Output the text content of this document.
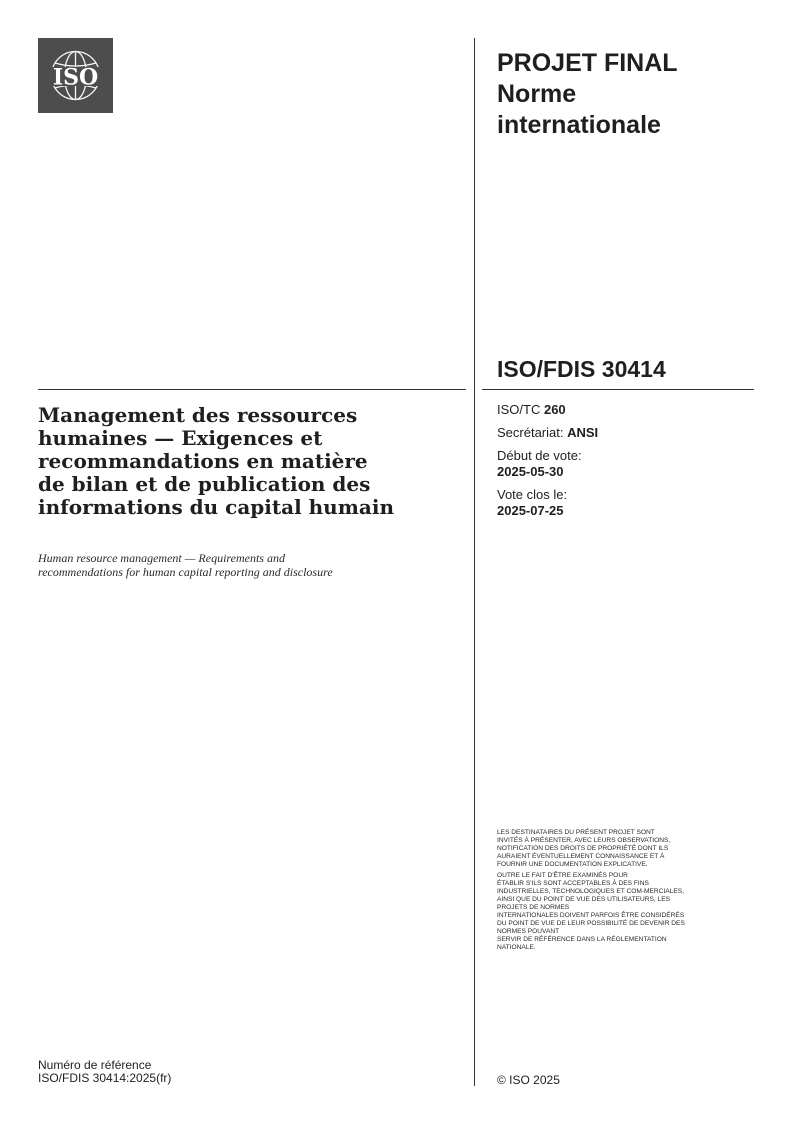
ISO
PROJET FINAL
Norme
internationale
ISO/FDIS 30414
ISO/TC 260
Secrétariat: ANSI
Début de vote:
2025-05-30
Vote clos le:
2025-07-25
Management des ressources
humaines — Exigences et
recommandations en matière
de bilan et de publication des
informations du capital humain
Human resource management — Requirements and
recommendations for human capital reporting and disclosure
LES DESTINATAIRES DU PRÉSENT PROJET SONT
INVITÉS À PRÉSENTER, AVEC LEURS OBSERVATIONS,
NOTIFICATION DES DROITS DE PROPRIÉTÉ DONT ILS
AURAIENT ÉVENTUELLEMENT CONNAISSANCE ET À
FOURNIR UNE DOCUMENTATION EXPLICATIVE.
OUTRE LE FAIT D'ÊTRE EXAMINÉS POUR
ÉTABLIR S'ILS SONT ACCEPTABLES À DES FINS
INDUSTRIELLES, TECHNOLOGIQUES ET COM-MERCIALES,
AINSI QUE DU POINT DE VUE DES UTILISATEURS, LES
PROJETS DE NORMES
INTERNATIONALES DOIVENT PARFOIS ÊTRE CONSIDÉRÉS
DU POINT DE VUE DE LEUR POSSIBILITÉ DE DEVENIR DES
NORMES POUVANT
SERVIR DE RÉFÉRENCE DANS LA RÉGLEMENTATION
NATIONALE.
Numéro de référence
ISO/FDIS 30414:2025(fr)	© ISO 2025
